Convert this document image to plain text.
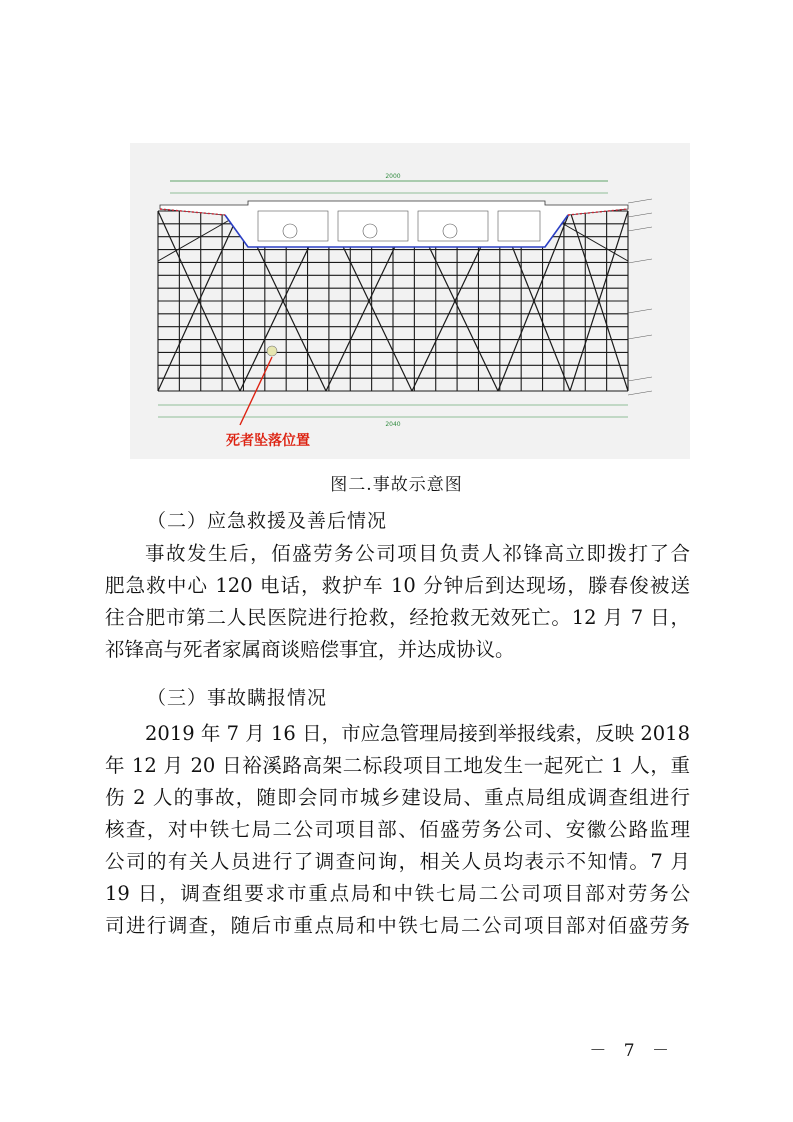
2000
2040
死者坠落位置
图二.事故示意图
（二）应急救援及善后情况
事故发生后，佰盛劳务公司项目负责人祁锋高立即拨打了合
肥急救中心 120 电话，救护车 10 分钟后到达现场，滕春俊被送
往合肥市第二人民医院进行抢救，经抢救无效死亡。12 月 7 日，
祁锋高与死者家属商谈赔偿事宜，并达成协议。
（三）事故瞒报情况
2019 年 7 月 16 日，市应急管理局接到举报线索，反映 2018
年 12 月 20 日裕溪路高架二标段项目工地发生一起死亡 1 人，重
伤 2 人的事故，随即会同市城乡建设局、重点局组成调查组进行
核查，对中铁七局二公司项目部、佰盛劳务公司、安徽公路监理
公司的有关人员进行了调查问询，相关人员均表示不知情。7 月
19 日，调查组要求市重点局和中铁七局二公司项目部对劳务公
司进行调查，随后市重点局和中铁七局二公司项目部对佰盛劳务
－ 7 －
